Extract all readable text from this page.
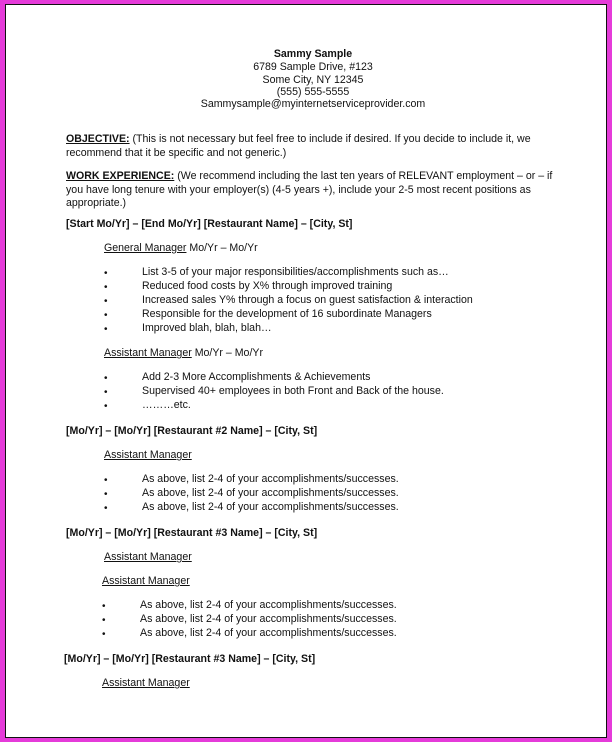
Sammy Sample
6789 Sample Drive, #123
Some City, NY 12345
(555) 555-5555
Sammysample@myinternetserviceprovider.com
OBJECTIVE: (This is not necessary but feel free to include if desired. If you decide to include it, we recommend that it be specific and not generic.)
WORK EXPERIENCE: (We recommend including the last ten years of RELEVANT employment – or – if you have long tenure with your employer(s) (4-5 years +), include your 2-5 most recent positions as appropriate.)
[Start Mo/Yr] – [End Mo/Yr] [Restaurant Name] – [City, St]
General Manager Mo/Yr – Mo/Yr
•	List 3-5 of your major responsibilities/accomplishments such as…
•	Reduced food costs by X% through improved training
•	Increased sales Y% through a focus on guest satisfaction & interaction
•	Responsible for the development of 16 subordinate Managers
•	Improved blah, blah, blah…
Assistant Manager Mo/Yr – Mo/Yr
•	Add 2-3 More Accomplishments & Achievements
•	Supervised 40+ employees in both Front and Back of the house.
•	………etc.
[Mo/Yr] – [Mo/Yr] [Restaurant #2 Name] – [City, St]
Assistant Manager
•	As above, list 2-4 of your accomplishments/successes.
•	As above, list 2-4 of your accomplishments/successes.
•	As above, list 2-4 of your accomplishments/successes.
[Mo/Yr] – [Mo/Yr] [Restaurant #3 Name] – [City, St]
Assistant Manager
Assistant Manager
•	As above, list 2-4 of your accomplishments/successes.
•	As above, list 2-4 of your accomplishments/successes.
•	As above, list 2-4 of your accomplishments/successes.
[Mo/Yr] – [Mo/Yr] [Restaurant #3 Name] – [City, St]
Assistant Manager
